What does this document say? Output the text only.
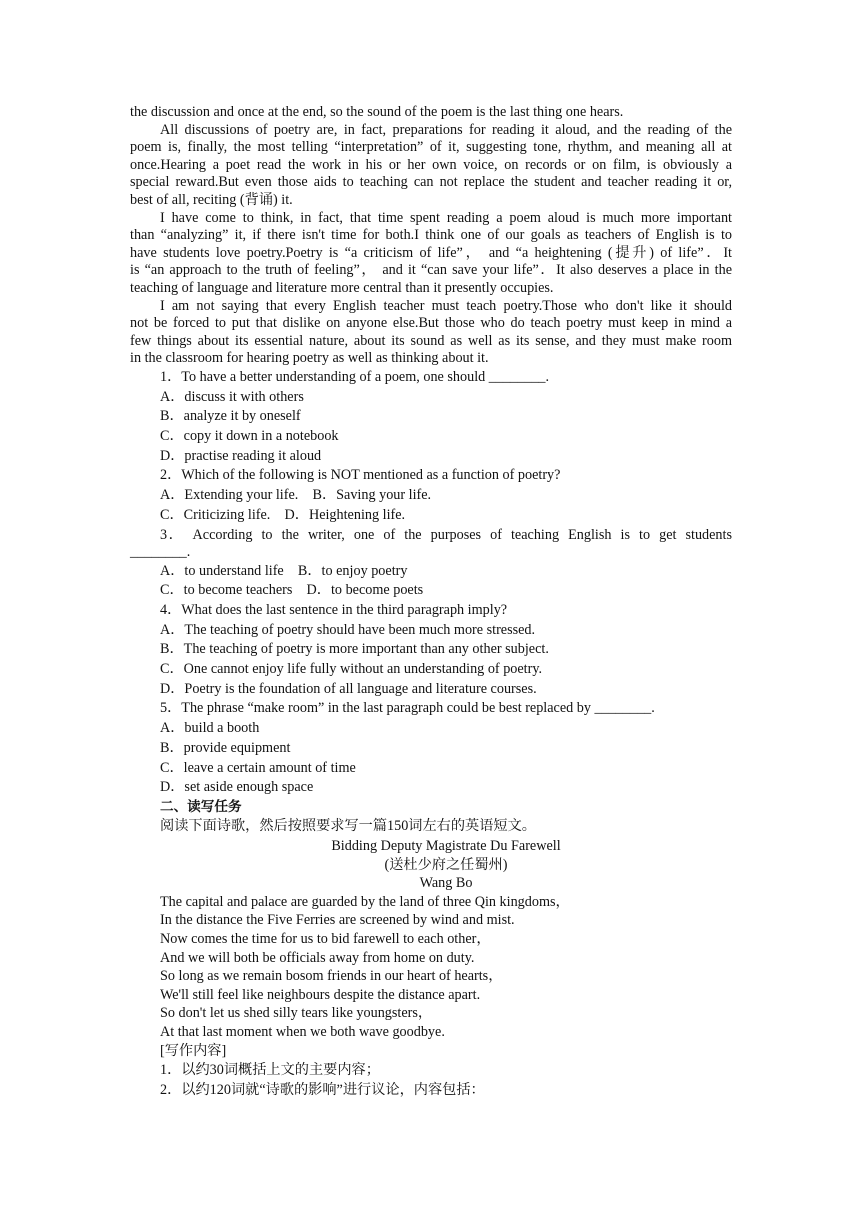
the discussion and once at the end, so the sound of the poem is the last thing one hears.
All discussions of poetry are, in fact, preparations for reading it aloud, and the reading of the
poem is, finally, the most telling “interpretation” of it, suggesting tone, rhythm, and meaning all at
once.Hearing a poet read the work in his or her own voice, on records or on film, is obviously a
special reward.But even those aids to teaching can not replace the student and teacher reading it or,
best of all, reciting (背诵) it.
I have come to think, in fact, that time spent reading a poem aloud is much more important
than “analyzing” it, if there isn't time for both.I think one of our goals as teachers of English is to
have students love poetry.Poetry is “a criticism of life”， and “a heightening (提升) of life”．It
is “an approach to the truth of feeling”， and it “can save your life”．It also deserves a place in the
teaching of language and literature more central than it presently occupies.
I am not saying that every English teacher must teach poetry.Those who don't like it should
not be forced to put that dislike on anyone else.But those who do teach poetry must keep in mind a
few things about its essential nature, about its sound as well as its sense, and they must make room
in the classroom for hearing poetry as well as thinking about it.
1．To have a better understanding of a poem, one should ________.
A．discuss it with others
B．analyze it by oneself
C．copy it down in a notebook
D．practise reading it aloud
2．Which of the following is NOT mentioned as a function of poetry?
A．Extending your life.    B．Saving your life.
C．Criticizing life.    D．Heightening life.
3． According to the writer, one of the purposes of teaching English is to get students
________.
A．to understand life    B．to enjoy poetry
C．to become teachers    D．to become poets
4．What does the last sentence in the third paragraph imply?
A．The teaching of poetry should have been much more stressed.
B．The teaching of poetry is more important than any other subject.
C．One cannot enjoy life fully without an understanding of poetry.
D．Poetry is the foundation of all language and literature courses.
5．The phrase “make room” in the last paragraph could be best replaced by ________.
A．build a booth
B．provide equipment
C．leave a certain amount of time
D．set aside enough space
二、读写任务
阅读下面诗歌，然后按照要求写一篇150词左右的英语短文。
Bidding Deputy Magistrate Du Farewell
(送杜少府之任蜀州)
Wang Bo
The capital and palace are guarded by the land of three Qin kingdoms，
In the distance the Five Ferries are screened by wind and mist.
Now comes the time for us to bid farewell to each other，
And we will both be officials away from home on duty.
So long as we remain bosom friends in our heart of hearts，
We'll still feel like neighbours despite the distance apart.
So don't let us shed silly tears like youngsters，
At that last moment when we both wave goodbye.
[写作内容]
1．以约30词概括上文的主要内容；
2．以约120词就“诗歌的影响”进行议论，内容包括：
